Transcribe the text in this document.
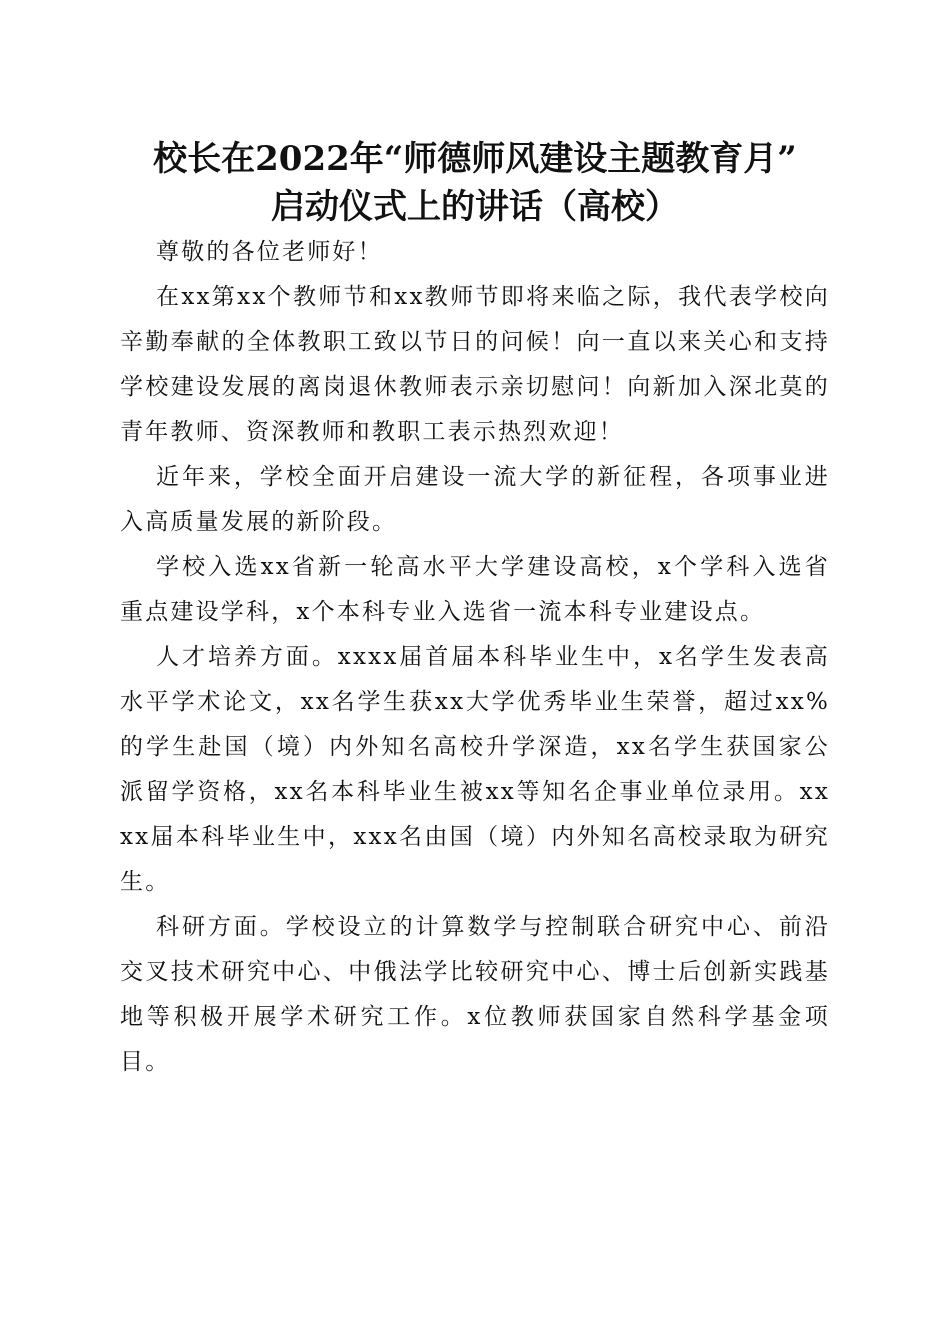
校长在2022年“师德师风建设主题教育月”
启动仪式上的讲话（高校）

尊敬的各位老师好！

在xx第xx个教师节和xx教师节即将来临之际，我代表学校向辛勤奉献的全体教职工致以节日的问候！向一直以来关心和支持学校建设发展的离岗退休教师表示亲切慰问！向新加入深北莫的青年教师、资深教师和教职工表示热烈欢迎！

近年来，学校全面开启建设一流大学的新征程，各项事业进入高质量发展的新阶段。

学校入选xx省新一轮高水平大学建设高校，x个学科入选省重点建设学科，x个本科专业入选省一流本科专业建设点。

人才培养方面。xxxx届首届本科毕业生中，x名学生发表高水平学术论文，xx名学生获xx大学优秀毕业生荣誉，超过xx%的学生赴国（境）内外知名高校升学深造，xx名学生获国家公派留学资格，xx名本科毕业生被xx等知名企事业单位录用。xxxx届本科毕业生中，xxx名由国（境）内外知名高校录取为研究生。

科研方面。学校设立的计算数学与控制联合研究中心、前沿交叉技术研究中心、中俄法学比较研究中心、博士后创新实践基地等积极开展学术研究工作。x位教师获国家自然科学基金项目。
